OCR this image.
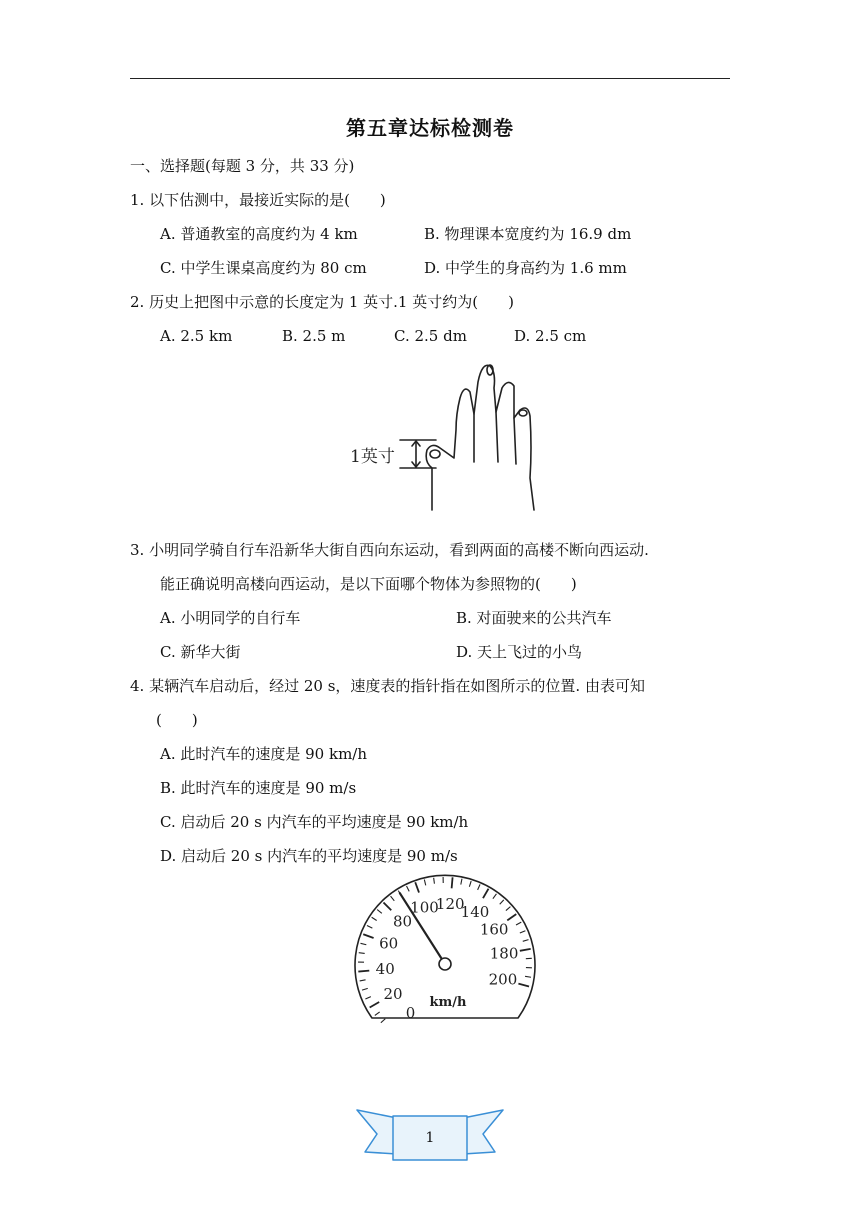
第五章达标检测卷
一、选择题(每题 3 分，共 33 分)
1. 以下估测中，最接近实际的是(　　)
A. 普通教室的高度约为 4 km	B. 物理课本宽度约为 16.9 dm
C. 中学生课桌高度约为 80 cm	D. 中学生的身高约为 1.6 mm
2. 历史上把图中示意的长度定为 1 英寸.1 英寸约为(　　)
A. 2.5 km	B. 2.5 m	C. 2.5 dm	D. 2.5 cm
1英寸
3. 小明同学骑自行车沿新华大街自西向东运动，看到两面的高楼不断向西运动.
能正确说明高楼向西运动，是以下面哪个物体为参照物的(　　)
A. 小明同学的自行车	B. 对面驶来的公共汽车
C. 新华大街	D. 天上飞过的小鸟
4. 某辆汽车启动后，经过 20 s，速度表的指针指在如图所示的位置. 由表可知
(　　)
A. 此时汽车的速度是 90 km/h
B. 此时汽车的速度是 90 m/s
C. 启动后 20 s 内汽车的平均速度是 90 km/h
D. 启动后 20 s 内汽车的平均速度是 90 m/s
0
20
40
60
80
100
120
140
160
180
200
km/h
1
